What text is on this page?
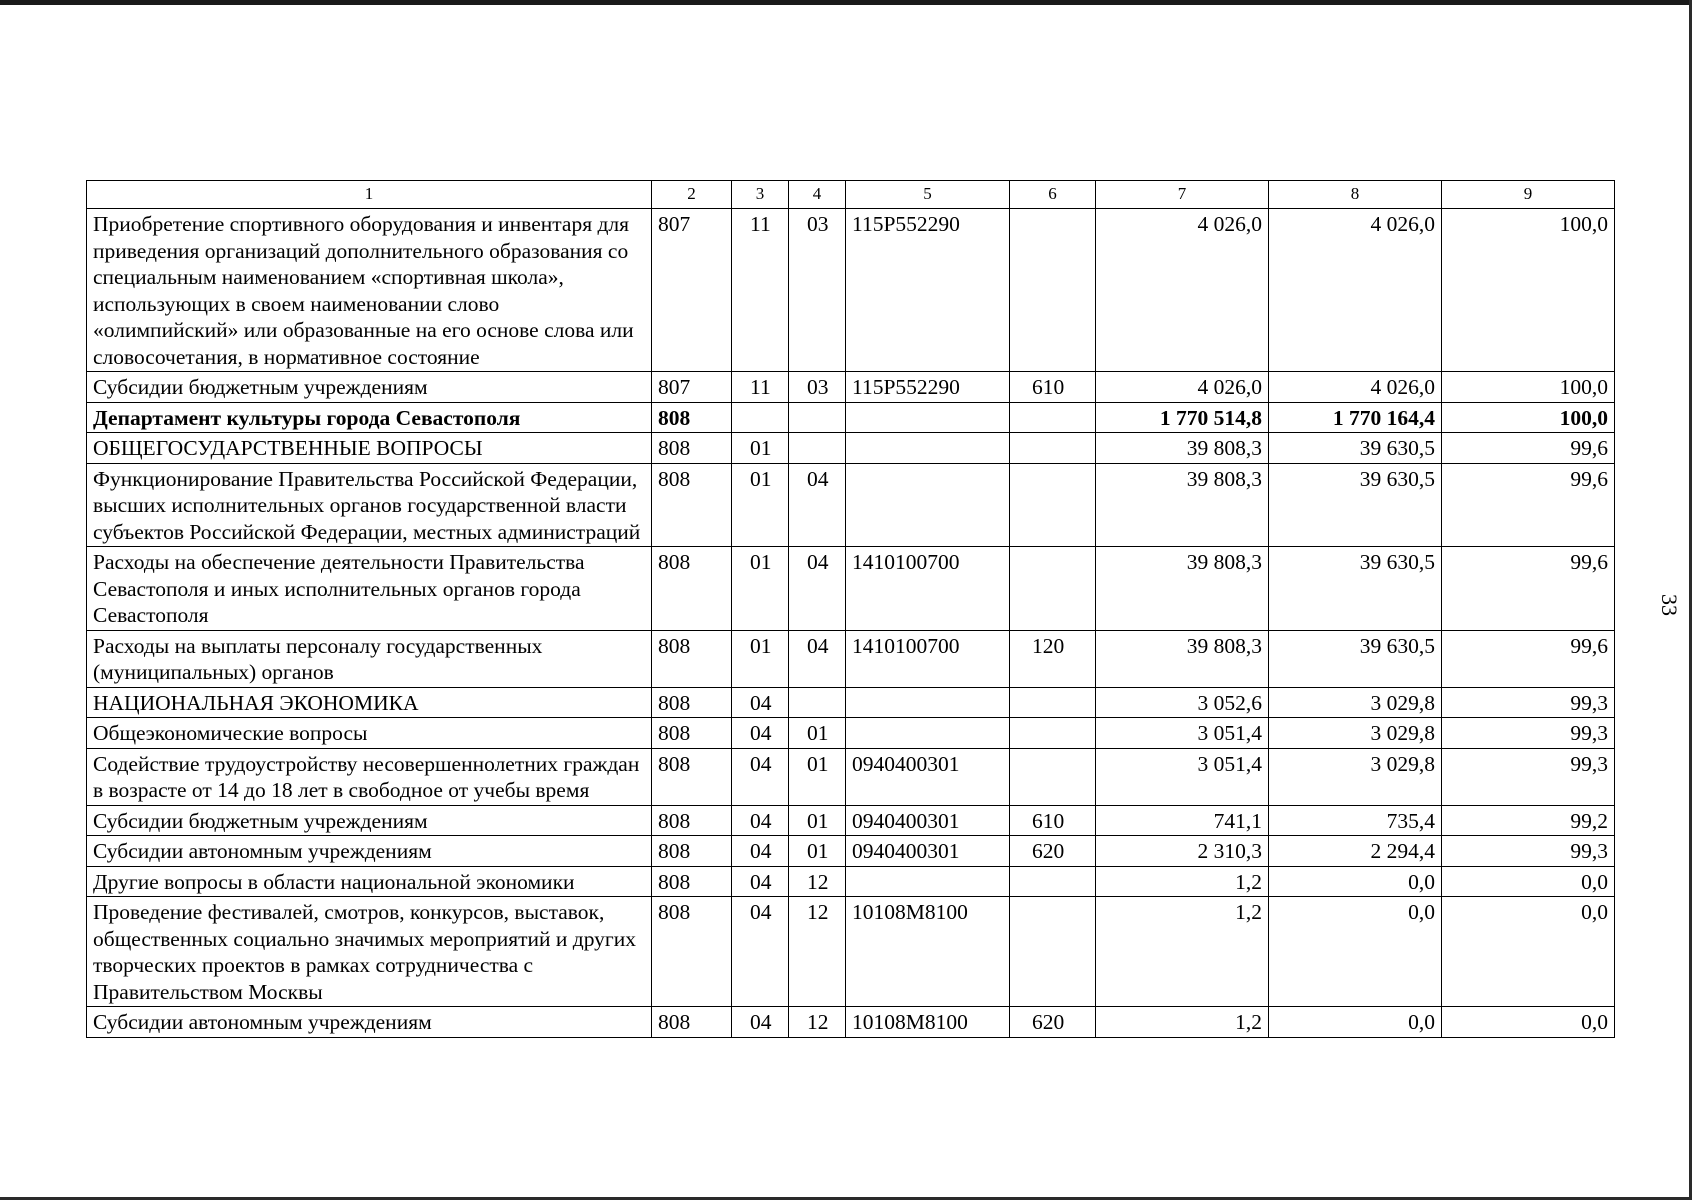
1	2	3	4	5	6	7	8	9
Приобретение спортивного оборудования и инвентаря для приведения организаций дополнительного образования со специальным наименованием «спортивная школа», использующих в своем наименовании слово «олимпийский» или образованные на его основе слова или словосочетания, в нормативное состояние	807	11	03	115P552290		4 026,0	4 026,0	100,0
Субсидии бюджетным учреждениям	807	11	03	115P552290	610	4 026,0	4 026,0	100,0
Департамент культуры города Севастополя	808					1 770 514,8	1 770 164,4	100,0
ОБЩЕГОСУДАРСТВЕННЫЕ ВОПРОСЫ	808	01				39 808,3	39 630,5	99,6
Функционирование Правительства Российской Федерации, высших исполнительных органов государственной власти субъектов Российской Федерации, местных администраций	808	01	04			39 808,3	39 630,5	99,6
Расходы на обеспечение деятельности Правительства Севастополя и иных исполнительных органов города Севастополя	808	01	04	1410100700		39 808,3	39 630,5	99,6
Расходы на выплаты персоналу государственных (муниципальных) органов	808	01	04	1410100700	120	39 808,3	39 630,5	99,6
НАЦИОНАЛЬНАЯ ЭКОНОМИКА	808	04				3 052,6	3 029,8	99,3
Общеэкономические вопросы	808	04	01			3 051,4	3 029,8	99,3
Содействие трудоустройству несовершеннолетних граждан в возрасте от 14 до 18 лет в свободное от учебы время	808	04	01	0940400301		3 051,4	3 029,8	99,3
Субсидии бюджетным учреждениям	808	04	01	0940400301	610	741,1	735,4	99,2
Субсидии автономным учреждениям	808	04	01	0940400301	620	2 310,3	2 294,4	99,3
Другие вопросы в области национальной экономики	808	04	12			1,2	0,0	0,0
Проведение фестивалей, смотров, конкурсов, выставок, общественных социально значимых мероприятий и других творческих проектов в рамках сотрудничества с Правительством Москвы	808	04	12	10108M8100		1,2	0,0	0,0
Субсидии автономным учреждениям	808	04	12	10108M8100	620	1,2	0,0	0,0
33
